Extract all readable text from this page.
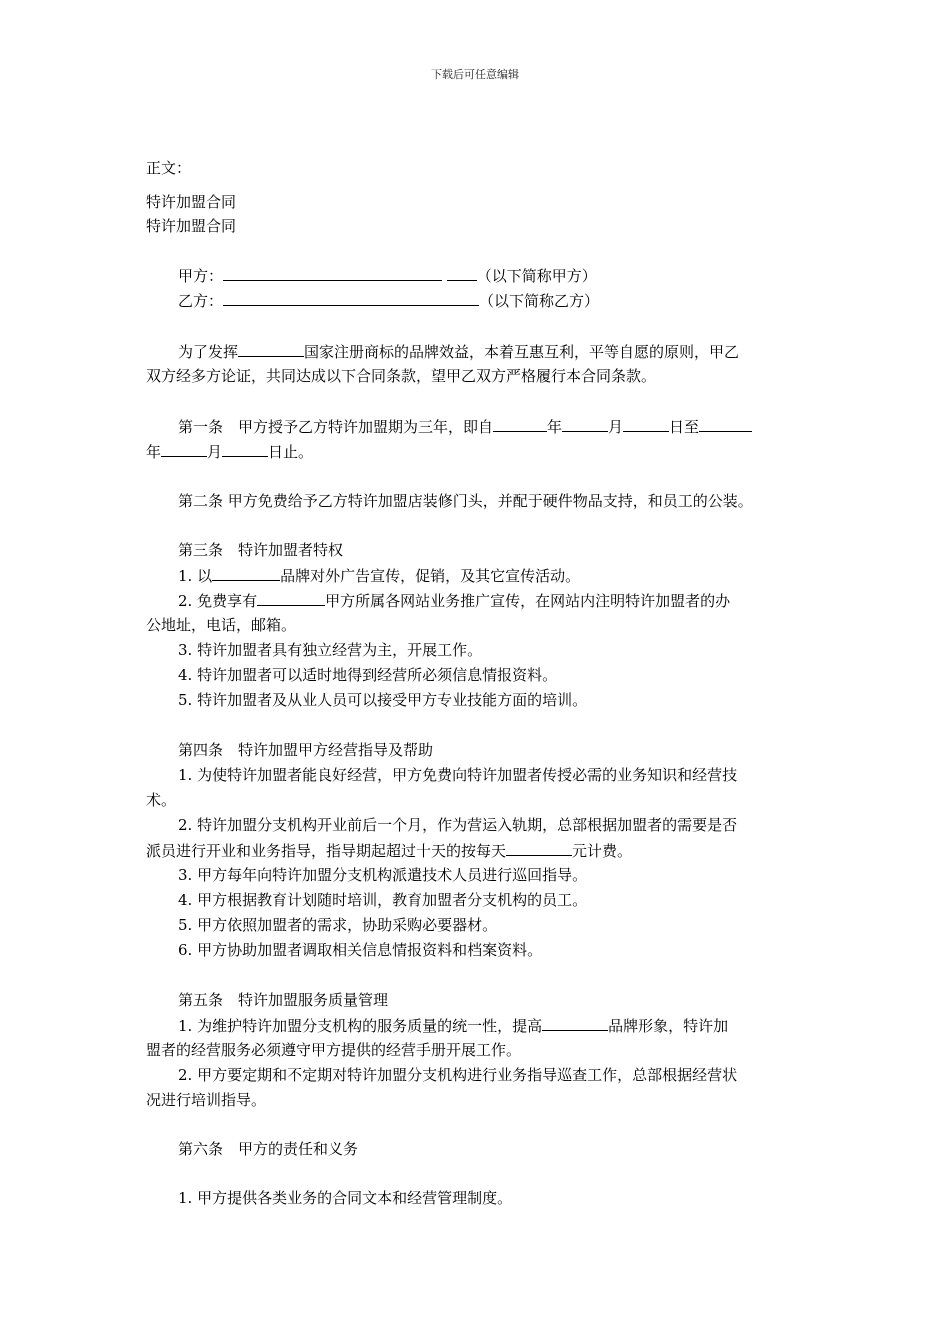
下载后可任意编辑
正文：
特许加盟合同
特许加盟合同
甲方：	（以下简称甲方）
乙方：	（以下简称乙方）
为了发挥	国家注册商标的品牌效益，本着互惠互利，平等自愿的原则，甲乙
双方经多方论证，共同达成以下合同条款，望甲乙双方严格履行本合同条款。
第一条　甲方授予乙方特许加盟期为三年，即自	年	月	日至
年	月	日止。
第二条 甲方免费给予乙方特许加盟店装修门头，并配于硬件物品支持，和员工的公装。
第三条　特许加盟者特权
1. 以	品牌对外广告宣传，促销，及其它宣传活动。
2. 免费享有	甲方所属各网站业务推广宣传，在网站内注明特许加盟者的办
公地址，电话，邮箱。
3. 特许加盟者具有独立经营为主，开展工作。
4. 特许加盟者可以适时地得到经营所必须信息情报资料。
5. 特许加盟者及从业人员可以接受甲方专业技能方面的培训。
第四条　特许加盟甲方经营指导及帮助
1. 为使特许加盟者能良好经营，甲方免费向特许加盟者传授必需的业务知识和经营技
术。
2. 特许加盟分支机构开业前后一个月，作为营运入轨期，总部根据加盟者的需要是否
派员进行开业和业务指导，指导期起超过十天的按每天	元计费。
3. 甲方每年向特许加盟分支机构派遣技术人员进行巡回指导。
4. 甲方根据教育计划随时培训，教育加盟者分支机构的员工。
5. 甲方依照加盟者的需求，协助采购必要器材。
6. 甲方协助加盟者调取相关信息情报资料和档案资料。
第五条　特许加盟服务质量管理
1. 为维护特许加盟分支机构的服务质量的统一性，提高	品牌形象，特许加
盟者的经营服务必须遵守甲方提供的经营手册开展工作。
2. 甲方要定期和不定期对特许加盟分支机构进行业务指导巡查工作，总部根据经营状
况进行培训指导。
第六条　甲方的责任和义务
1. 甲方提供各类业务的合同文本和经营管理制度。
